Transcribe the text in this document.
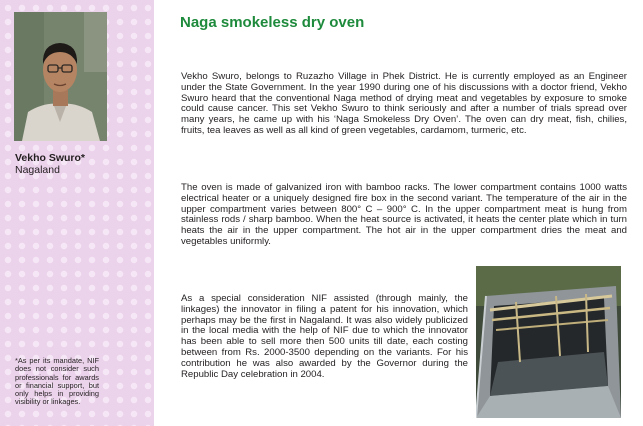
Vekho Swuro*
Nagaland
*As per its mandate, NIF does not consider such professionals for awards or financial support, but only helps in providing visibility or linkages.
Naga smokeless dry oven

Vekho Swuro, belongs to Ruzazho Village in Phek District. He is currently employed as an Engineer under the State Government. In the year 1990 during one of his discussions with a doctor friend, Vekho Swuro heard that the conventional Naga method of drying meat and vegetables by exposure to smoke could cause cancer. This set Vekho Swuro to think seriously and after a number of trials spread over many years, he came up with his ‘Naga Smokeless Dry Oven’. The oven can dry meat, fish, chilies, fruits, tea leaves as well as all kind of green vegetables, cardamom, turmeric, etc.

The oven is made of galvanized iron with bamboo racks. The lower compartment contains 1000 watts electrical heater or a uniquely designed fire box in the second variant. The temperature of the air in the upper compartment varies between 800° C – 900° C. In the upper compartment meat is hung from stainless rods / sharp bamboo. When the heat source is activated, it heats the center plate which in turn heats the air in the upper compartment. The hot air in the upper compartment dries the meat and vegetables uniformly.

As a special consideration NIF assisted (through mainly, the linkages) the innovator in filing a patent for his innovation, which perhaps may be the first in Nagaland. It was also widely publicized in the local media with the help of NIF due to which the innovator has been able to sell more then 500 units till date, each costing between from Rs. 2000-3500 depending on the variants. For his contribution he was also awarded by the Governor during the Republic Day celebration in 2004.
